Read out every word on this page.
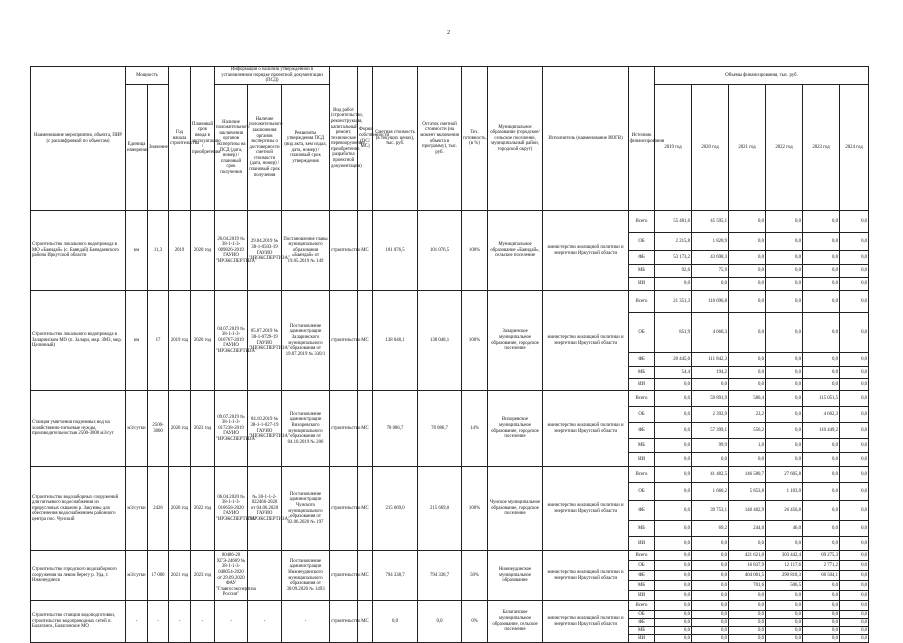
2
Наименование мероприятия, объекта, ПИР (с расшифровкой по объектам)	Мощность		Год начала строительства	Плановый срок ввода в эксплуатацию / приобретения	Информация о наличии утвержденной в установленном порядке проектной документации (ПСД)			Вид работ (строительство, реконструкция, капитальный ремонт, техническое перевооружение, приобретение, разработка проектной документации)	Форма собственности (ОС/МС)	Сметная стоимость (в текущих ценах), тыс. руб.	Остаток сметной стоимости (на момент включения объекта в программу), тыс. руб.	Тех. готовность, (в %)	Муниципальное образование (городское/сельское поселение, муниципальный район, городской округ)	Исполнитель (наименование ИОГВ)	Источник финансирования	Объемы финансирования, тыс. руб.					
	Единица измерения	Значение			Наличие положительного заключения органов экспертизы на ПСД (дата, номер) / плановый срок получения	Наличие положительного заключения органов экспертизы о достоверности сметной стоимости (дата, номер) / плановый срок получения	Реквизиты утверждения ПСД (вид акта, кем издал, дата, номер) / плановый срок утверждения									2019 год	2020 год	2021 год	2022 год	2023 год	2024 год

Строительство локального водопровода в МО «Баяндай» (с. Баяндай) Баяндаевского района Иркутской области	км	11,3	2019	2020 год	26.04.2019 № 38-1-1-3-009826-2019 ГАУИО "ИРЭКСПЕРТИЗА"	29.04.2019 № 38-1-0503-19 ГАУИО "ИРЭКСПЕРТИЗА"	Постановление главы муниципального образования «Баяндай» от 19.05.2019 № 149	строительство	МС	101 076,5	101 076,5	100%	Муниципальное образование «Баяндай», сельское поселение	министерство жилищной политики и энергетики Иркутской области	Всего	55 481,6	45 595,1	0,0	0,0	0,0	0,0
															ОБ	2 215,8	1 820,9	0,0	0,0	0,0	0,0
															ФБ	53 173,2	43 698,3	0,0	0,0	0,0	0,0
															МБ	92,6	75,9	0,0	0,0	0,0	0,0
															ИИ	0,0	0,0	0,0	0,0	0,0	0,0
Строительство локального водопровода в Заларинском МО (п. Залари, мкр. ЗМЗ, мкр. Целинный)	км	17	2019 год	2020 год	04.07.2019 № 38-1-1-3-016767-2019 ГАУИО "ИРЭКСПЕРТИЗА"	05.07.2019 № 38-1-0729-19 ГАУИО "ИРЭКСПЕРТИЗА"	Постановление администрации Заларинского муниципального образования от 19.07.2019 № 330/1	строительство	МС	138 048,1	138 048,1	100%	Заларинское муниципальное образование, городское поселение	министерство жилищной политики и энергетики Иркутской области	Всего	21 351,3	116 696,8	0,0	0,0	0,0	0,0
															ОБ	851,9	4 660,3	0,0	0,0	0,0	0,0
															ФБ	20 445,0	111 842,3	0,0	0,0	0,0	0,0
															МБ	54,4	194,2	0,0	0,0	0,0	0,0
															ИИ	0,0	0,0	0,0	0,0	0,0	0,0
Станция умягчения подземных вод на хозяйственно-питьевые нужды, производительностью 2500-3000 м3/сут	м3/сутки	2500-3000	2020 год	2023 год	09.07.2019 № 38-1-1-3-017238-2019 ГАУИО "ИРЭКСПЕРТИЗА"	04.10.2019 № 38-1-1-027-19 ГАУИО "ИРЭКСПЕРТИЗА"	Постановление администрации Вихоревского муниципального образования от 04.10.2019 № 206	строительство	МС	78 086,7	78 086,7	14%	Вихоревское муниципальное образование, городское поселение	министерство жилищной политики и энергетики Иркутской области	Всего	0,0	59 891,9	580,4	0,0	115 051,5	0,0
															ОБ	0,0	2 392,9	23,2	0,0	4 602,3	0,0
															ФБ	0,0	57 399,1	556,2	0,0	110 449,2	0,0
															МБ	0,0	99,9	1,0	0,0	0,0	0,0
															ИИ	0,0	0,0	0,0	0,0	0,0	0,0
Строительство водозаборных сооружений для питьевого водоснабжения из прирусловых скважин р. Закумны для обеспечения водоснабжением районного центра пос. Чунский	м3/сутки	2426	2020 год	2022 год	06.04.2020 № 38-1-1-3-010658-2020 ГАУИО "ИРЭКСПЕРТИЗА"	№ 38-1-1-2-022466-2020 от 04.06.2020 ГАУИО "ИРЭКСПЕРТИЗА"	Постановление администрации Чунского муниципального образования от 02.06.2020 № 197	строительство	МС	215 669,0	215 669,0	100%	Чунское муниципальное образование, городское поселение	министерство жилищной политики и энергетики Иркутской области	Всего	0,0	41 482,5	146 580,7	27 605,8	0,0	0,0
															ОБ	0,0	1 660,2	5 853,8	1 103,0	0,0	0,0
															ФБ	0,0	39 753,1	140 482,9	26 456,8	0,0	0,0
															МБ	0,0	69,2	244,0	46,0	0,0	0,0
															ИИ	0,0	0,0	0,0	0,0	0,0	0,0
Строительство городского водозаборного сооружения на левом берегу р. Уда, г. Нижнеудинск	м3/сутки	17 000	2021 год	2023 год	00486-20 ХГЭ-24669 № 38-1-1-3-048054-2020 от 29.09.2020 ФАУ "Главгосэкспертиза России"		Постановление администрации Нижнеудинского муниципального образования от 30.09.2020 № 1493	строительство	МС	794 338,7	794 338,7	50%	Нижнеудинское муниципальное образование	министерство жилищной политики и энергетики Иркутской области	Всего	0,0	0,0	421 621,0	303 442,4	69 275,3	0,0
															ОБ	0,0	0,0	16 837,9	12 117,6	2 771,2	0,0
															ФБ	0,0	0,0	404 081,5	290 818,3	66 504,1	0,0
															МБ	0,0	0,0	701,6	506,5	0,0	0,0
															ИИ	0,0	0,0	0,0	0,0	0,0	0,0
Строительство станции водоподготовки, строительство водопроводных сетей п. Балаганск, Балаганское МО	-	-	-	-	-	-	-	строительство	МС	0,0	0,0	0%	Балаганское муниципальное образование, сельское поселение	министерство жилищной политики и энергетики Иркутской области	Всего	0,0	0,0	0,0	0,0	0,0	0,0
															ОБ	0,0	0,0	0,0	0,0	0,0	0,0
															ФБ	0,0	0,0	0,0	0,0	0,0	0,0
															МБ	0,0	0,0	0,0	0,0	0,0	0,0
															ИИ	0,0	0,0	0,0	0,0	0,0	0,0
